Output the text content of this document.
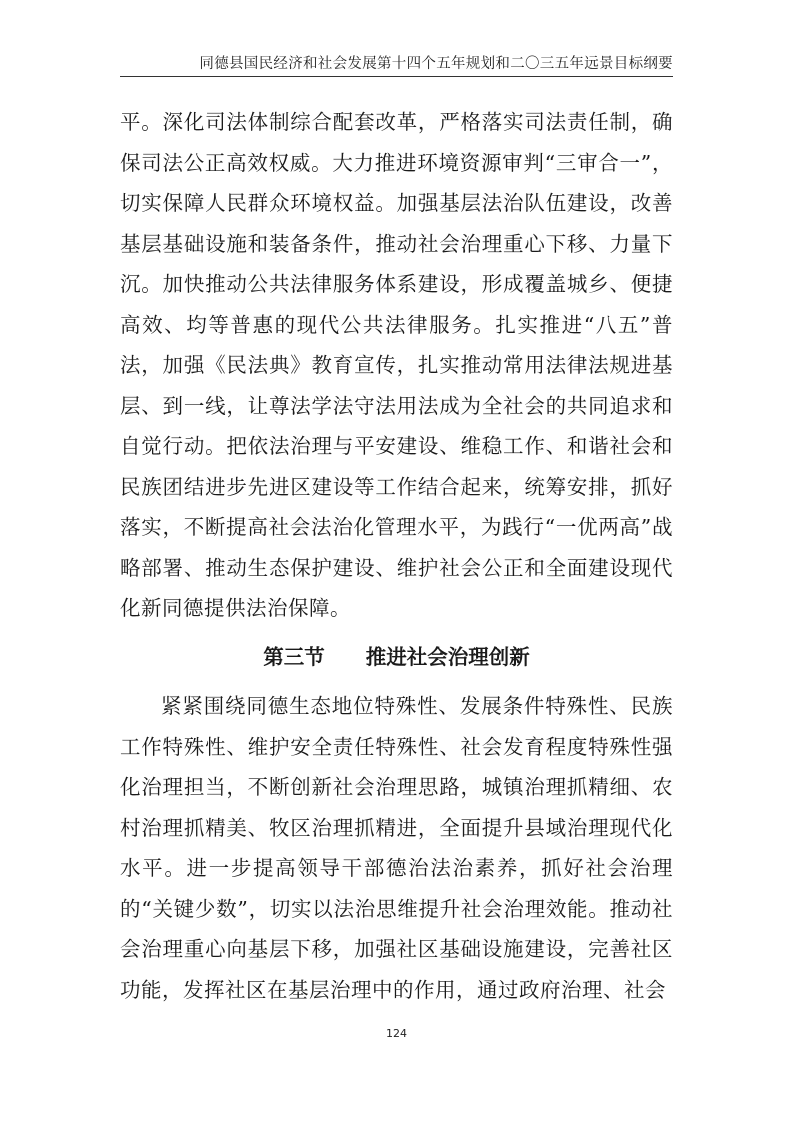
同德县国民经济和社会发展第十四个五年规划和二〇三五年远景目标纲要
平。深化司法体制综合配套改革，严格落实司法责任制，确保司法公正高效权威。大力推进环境资源审判“三审合一”，切实保障人民群众环境权益。加强基层法治队伍建设，改善基层基础设施和装备条件，推动社会治理重心下移、力量下沉。加快推动公共法律服务体系建设，形成覆盖城乡、便捷高效、均等普惠的现代公共法律服务。扎实推进“八五”普法，加强《民法典》教育宣传，扎实推动常用法律法规进基层、到一线，让尊法学法守法用法成为全社会的共同追求和自觉行动。把依法治理与平安建设、维稳工作、和谐社会和民族团结进步先进区建设等工作结合起来，统筹安排，抓好落实，不断提高社会法治化管理水平，为践行“一优两高”战略部署、推动生态保护建设、维护社会公正和全面建设现代化新同德提供法治保障。
第三节　　推进社会治理创新
紧紧围绕同德生态地位特殊性、发展条件特殊性、民族工作特殊性、维护安全责任特殊性、社会发育程度特殊性强化治理担当，不断创新社会治理思路，城镇治理抓精细、农村治理抓精美、牧区治理抓精进，全面提升县域治理现代化水平。进一步提高领导干部德治法治素养，抓好社会治理的“关键少数”，切实以法治思维提升社会治理效能。推动社会治理重心向基层下移，加强社区基础设施建设，完善社区功能，发挥社区在基层治理中的作用，通过政府治理、社会
124
